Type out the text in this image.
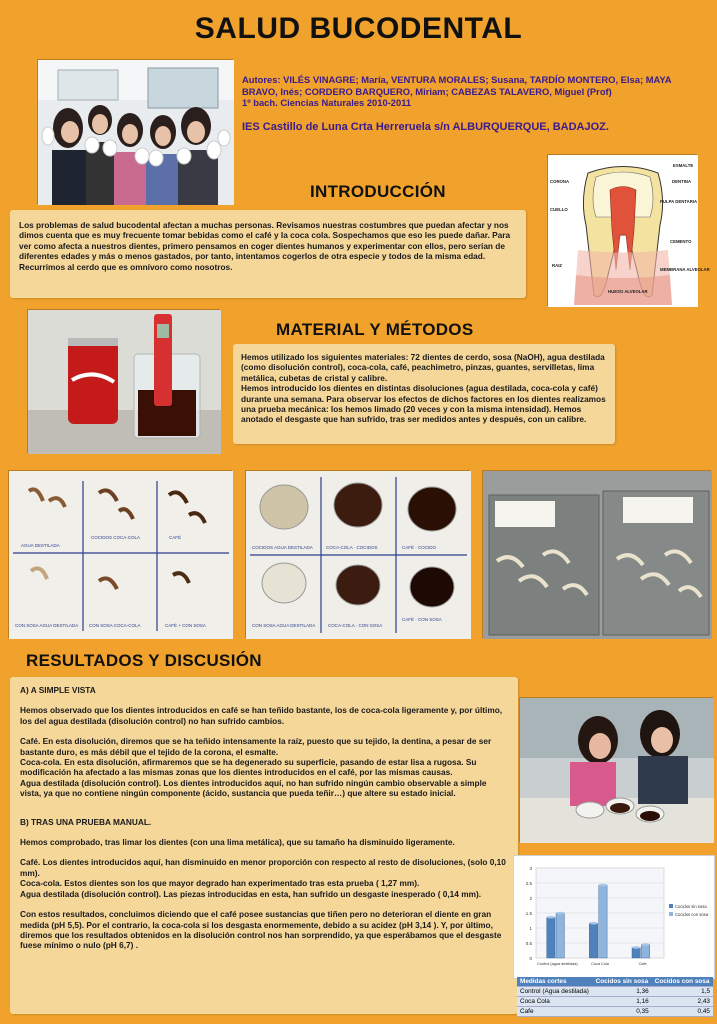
SALUD BUCODENTAL
Autores: VILÉS VINAGRE; María, VENTURA MORALES; Susana, TARDÍO MONTERO, Elsa; MAYA BRAVO, Inés; CORDERO BARQUERO, Miriam; CABEZAS TALAVERO, Miguel (Prof)
1º bach. Ciencias Naturales 2010-2011
IES Castillo de Luna Crta Herreruela s/n ALBURQUERQUE, BADAJOZ.
INTRODUCCIÓN
CORONA
CUELLO
RAIZ
ESMALTE
DENTINA
PULPA DENTARIA
CEMENTO
MEMBRANA ALVEOLAR
HUESO ALVEOLAR

Los problemas de salud bucodental afectan a muchas personas. Revisamos nuestras costumbres que puedan afectar y nos dimos cuenta que es muy frecuente tomar bebidas como el café y la coca cola. Sospechamos que eso les puede dañar. Para ver como afecta a nuestros dientes, primero pensamos en coger dientes humanos y experimentar con ellos, pero serían de diferentes edades y más o menos gastados, por tanto, intentamos cogerlos de otra especie y todos de la misma edad. Recurrimos al cerdo que es omnívoro como nosotros.

MATERIAL Y MÉTODOS

Hemos utilizado los siguientes materiales: 72 dientes de cerdo, sosa (NaOH), agua destilada (como disolución control), coca-cola, café, peachimetro, pinzas, guantes, servilletas, lima metálica, cubetas de cristal y calibre.

Hemos introducido los dientes en distintas disoluciones (agua destilada, coca-cola y café) durante una semana. Para observar los efectos de dichos factores en los dientes realizamos una prueba mecánica: los hemos limado (20 veces y con la misma intensidad). Hemos anotado el desgaste que han sufrido, tras ser medidos antes y después, con un calibre.

CAFÉ
COCIDOS COCA-COLA
AGUA DESTILADA
CON SOSA AGUA DESTILADA CON SOSA COCA-COLA	CAFÉ + CON SOSA
COCIDOS AGUA DESTILADA	COCA-COLA · COCIDOS	CAFÉ · COCIDO
CON SOSA AGUA DESTILADA	COCA-COLA · CON SOSA
CAFÉ · CON SOSA
RESULTADOS Y DISCUSIÓN

A) A SIMPLE VISTA

Hemos observado que los dientes introducidos en café se han teñido bastante, los de coca-cola ligeramente y, por último, los del agua destilada (disolución control) no han sufrido cambios.

Café. En esta disolución, diremos que se ha teñido intensamente la raíz, puesto que su tejido, la dentina, a pesar de ser bastante duro, es más débil que el tejido de la corona, el esmalte.

Coca-cola. En esta disolución, afirmaremos que se ha degenerado su superficie, pasando de estar lisa a rugosa. Su modificación ha afectado a las mismas zonas que los dientes introducidos en el café, por las mismas causas.

Agua destilada (disolución control). Los dientes introducidos aquí, no han sufrido ningún cambio observable a simple vista, ya que no contiene ningún componente (ácido, sustancia que pueda teñir…) que altere su estado inicial.

B) TRAS UNA PRUEBA MANUAL.

Hemos comprobado, tras limar los dientes (con una lima metálica), que su tamaño ha disminuido ligeramente.

Café. Los dientes introducidos aquí, han disminuido en menor proporción con respecto al resto de disoluciones, (solo 0,10 mm).

Coca-cola. Estos dientes son los que mayor degrado han experimentado tras esta prueba ( 1,27 mm).

Agua destilada (disolución control). Las piezas introducidas en esta, han sufrido un desgaste inesperado ( 0,14 mm).

Con estos resultados, concluimos diciendo que el café posee sustancias que tiñen pero no deterioran el diente en gran medida (pH 5,5). Por el contrario, la coca-cola si los desgasta enormemente, debido a su acidez (pH 3,14 ). Y, por último, diremos que los resultados obtenidos en la disolución control nos han sorprendido, ya que esperábamos que el desgaste fuese mínimo o nulo (pH 6,7) .

0
0.5
1
1.5
2
2.5
3
Control (agua destilada)	Coca Cola	Cafe
Cocidos sin sosa
Cocidos con sosa
Medidas cortes	Cocidos sin sosa	Cocidos con sosa
Control (Agua destilada)	1,36	1,5
Coca Cola	1,16	2,43
Cafe	0,35	0,45
